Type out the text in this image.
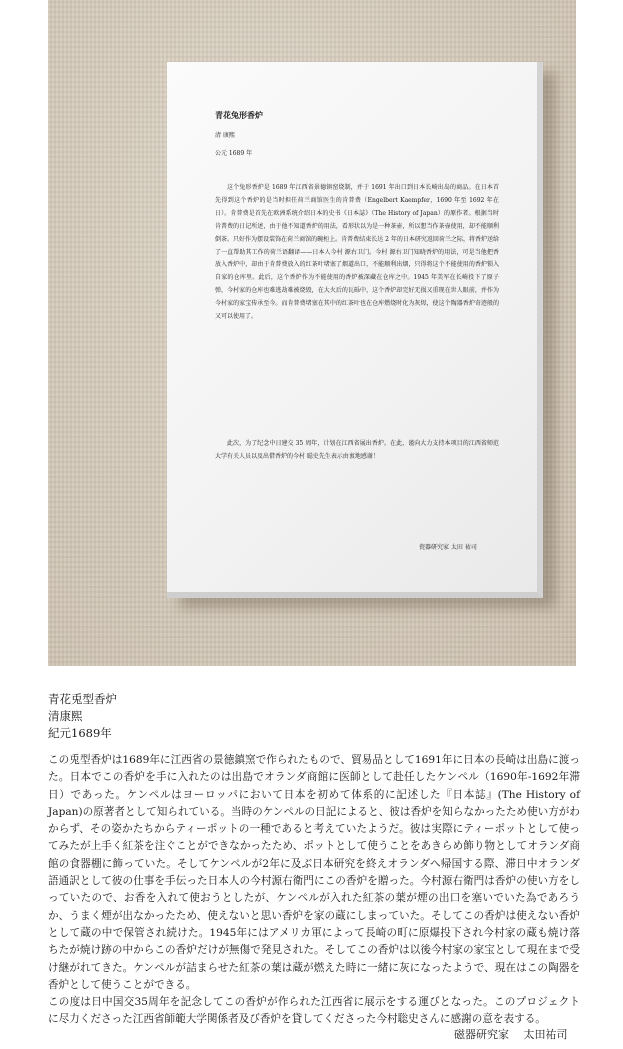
青花兔形香炉
清 康熙
公元 1689 年

这个兔形香炉是 1689 年江西省景德镇窑烧制，并于 1691 年出口到日本长崎出岛的商品。在日本首先得到这个香炉的是当时担任荷兰商馆医生的肯普费（Engelbert Kaempfer，1690 年至 1692 年在日）。肯普费是首先在欧洲系统介绍日本的史书《日本誌》（The History of Japan）的原作者。根据当时肯普费的日记所述，由于他不知道香炉的用法，看形状以为是一种茶壶，所以想当作茶壶使用，却不能顺利倒茶。只好作为摆设装饰在荷兰商馆的碗柜上。肯普费结束长达 2 年的日本研究返回荷兰之际，将香炉送给了一直帮助其工作的荷兰语翻译——日本人今村 源右卫门。今村 源右卫门知晓香炉的用法，可是当他把香放入香炉中，却由于肯普费放入的红茶叶堵塞了烟道出口，不能顺利出烟，只得将这个不能使用的香炉锁入自家的仓库里。此后，这个香炉作为不能使用的香炉被深藏在仓库之中。1945 年美军在长崎投下了原子弹，今村家的仓库也难逃劫难被烧毁，在大火后的瓦砾中，这个香炉却完好无损又重现在世人眼前，并作为今村家的家宝传承至今。而肯普费堵塞在其中的红茶叶也在仓库燃烧时化为灰烬，使这个陶器香炉奇迹般的又可以使用了。

此次，为了纪念中日建交 35 周年，计划在江西省展出香炉。在此，谨向大力支持本项目的江西省师范大学有关人员以及出借香炉的今村 聪史先生表示由衷地感谢！

瓷器研究家 太田 祐司
青花兎型香炉
清康熙
紀元1689年

この兎型香炉は1689年に江西省の景徳鎮窯で作られたもので、貿易品として1691年に日本の長崎は出島に渡った。日本でこの香炉を手に入れたのは出島でオランダ商館に医師として赴任したケンペル（1690年-1692年滞日）であった。ケンペルはヨーロッパにおいて日本を初めて体系的に記述した『日本誌』(The History of Japan)の原著者として知られている。当時のケンペルの日記によると、彼は香炉を知らなかったため使い方がわからず、その姿かたちからティーポットの一種であると考えていたようだ。彼は実際にティーポットとして使ってみたが上手く紅茶を注ぐことができなかったため、ポットとして使うことをあきらめ飾り物としてオランダ商館の食器棚に飾っていた。そしてケンペルが2年に及ぶ日本研究を終えオランダへ帰国する際、滞日中オランダ語通訳として彼の仕事を手伝った日本人の今村源右衛門にこの香炉を贈った。今村源右衛門は香炉の使い方をしっていたので、お香を入れて使おうとしたが、ケンペルが入れた紅茶の葉が煙の出口を塞いでいた為であろうか、うまく煙が出なかったため、使えないと思い香炉を家の蔵にしまっていた。そしてこの香炉は使えない香炉として蔵の中で保管され続けた。1945年にはアメリカ軍によって長崎の町に原爆投下され今村家の蔵も焼け落ちたが焼け跡の中からこの香炉だけが無傷で発見された。そしてこの香炉は以後今村家の家宝として現在まで受け継がれてきた。ケンペルが詰まらせた紅茶の葉は蔵が燃えた時に一緒に灰になったようで、現在はこの陶器を香炉として使うことができる。
この度は日中国交35周年を記念してこの香炉が作られた江西省に展示をする運びとなった。このプロジェクトに尽力くださった江西省師範大学関係者及び香炉を貸してくださった今村聡史さんに感謝の意を表する。

磁器研究家　 太田祐司
